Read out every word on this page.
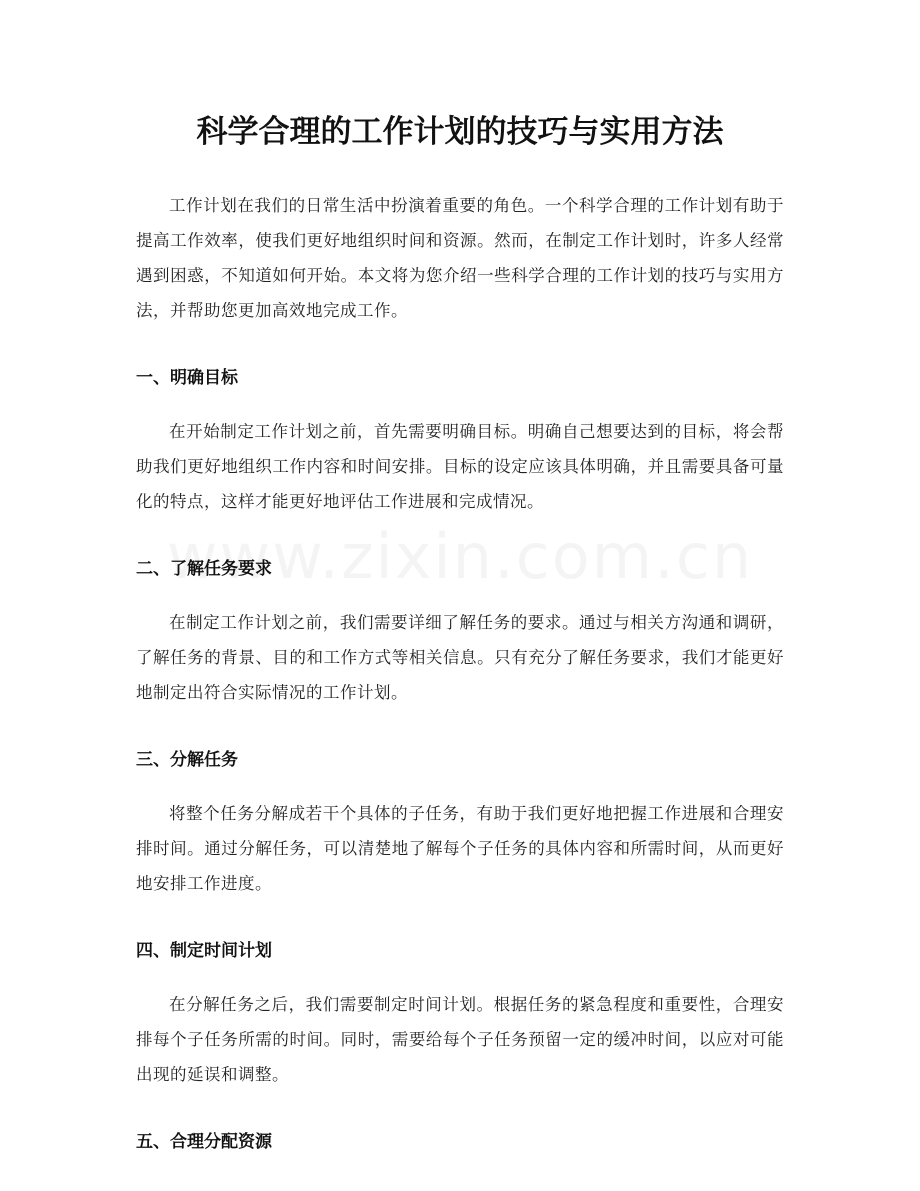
科学合理的工作计划的技巧与实用方法

工作计划在我们的日常生活中扮演着重要的角色。一个科学合理的工作计划有助于提高工作效率，使我们更好地组织时间和资源。然而，在制定工作计划时，许多人经常遇到困惑，不知道如何开始。本文将为您介绍一些科学合理的工作计划的技巧与实用方法，并帮助您更加高效地完成工作。

一、明确目标

在开始制定工作计划之前，首先需要明确目标。明确自己想要达到的目标，将会帮助我们更好地组织工作内容和时间安排。目标的设定应该具体明确，并且需要具备可量化的特点，这样才能更好地评估工作进展和完成情况。

二、了解任务要求

在制定工作计划之前，我们需要详细了解任务的要求。通过与相关方沟通和调研，了解任务的背景、目的和工作方式等相关信息。只有充分了解任务要求，我们才能更好地制定出符合实际情况的工作计划。

三、分解任务

将整个任务分解成若干个具体的子任务，有助于我们更好地把握工作进展和合理安排时间。通过分解任务，可以清楚地了解每个子任务的具体内容和所需时间，从而更好地安排工作进度。

四、制定时间计划

在分解任务之后，我们需要制定时间计划。根据任务的紧急程度和重要性，合理安排每个子任务所需的时间。同时，需要给每个子任务预留一定的缓冲时间，以应对可能出现的延误和调整。

五、合理分配资源
